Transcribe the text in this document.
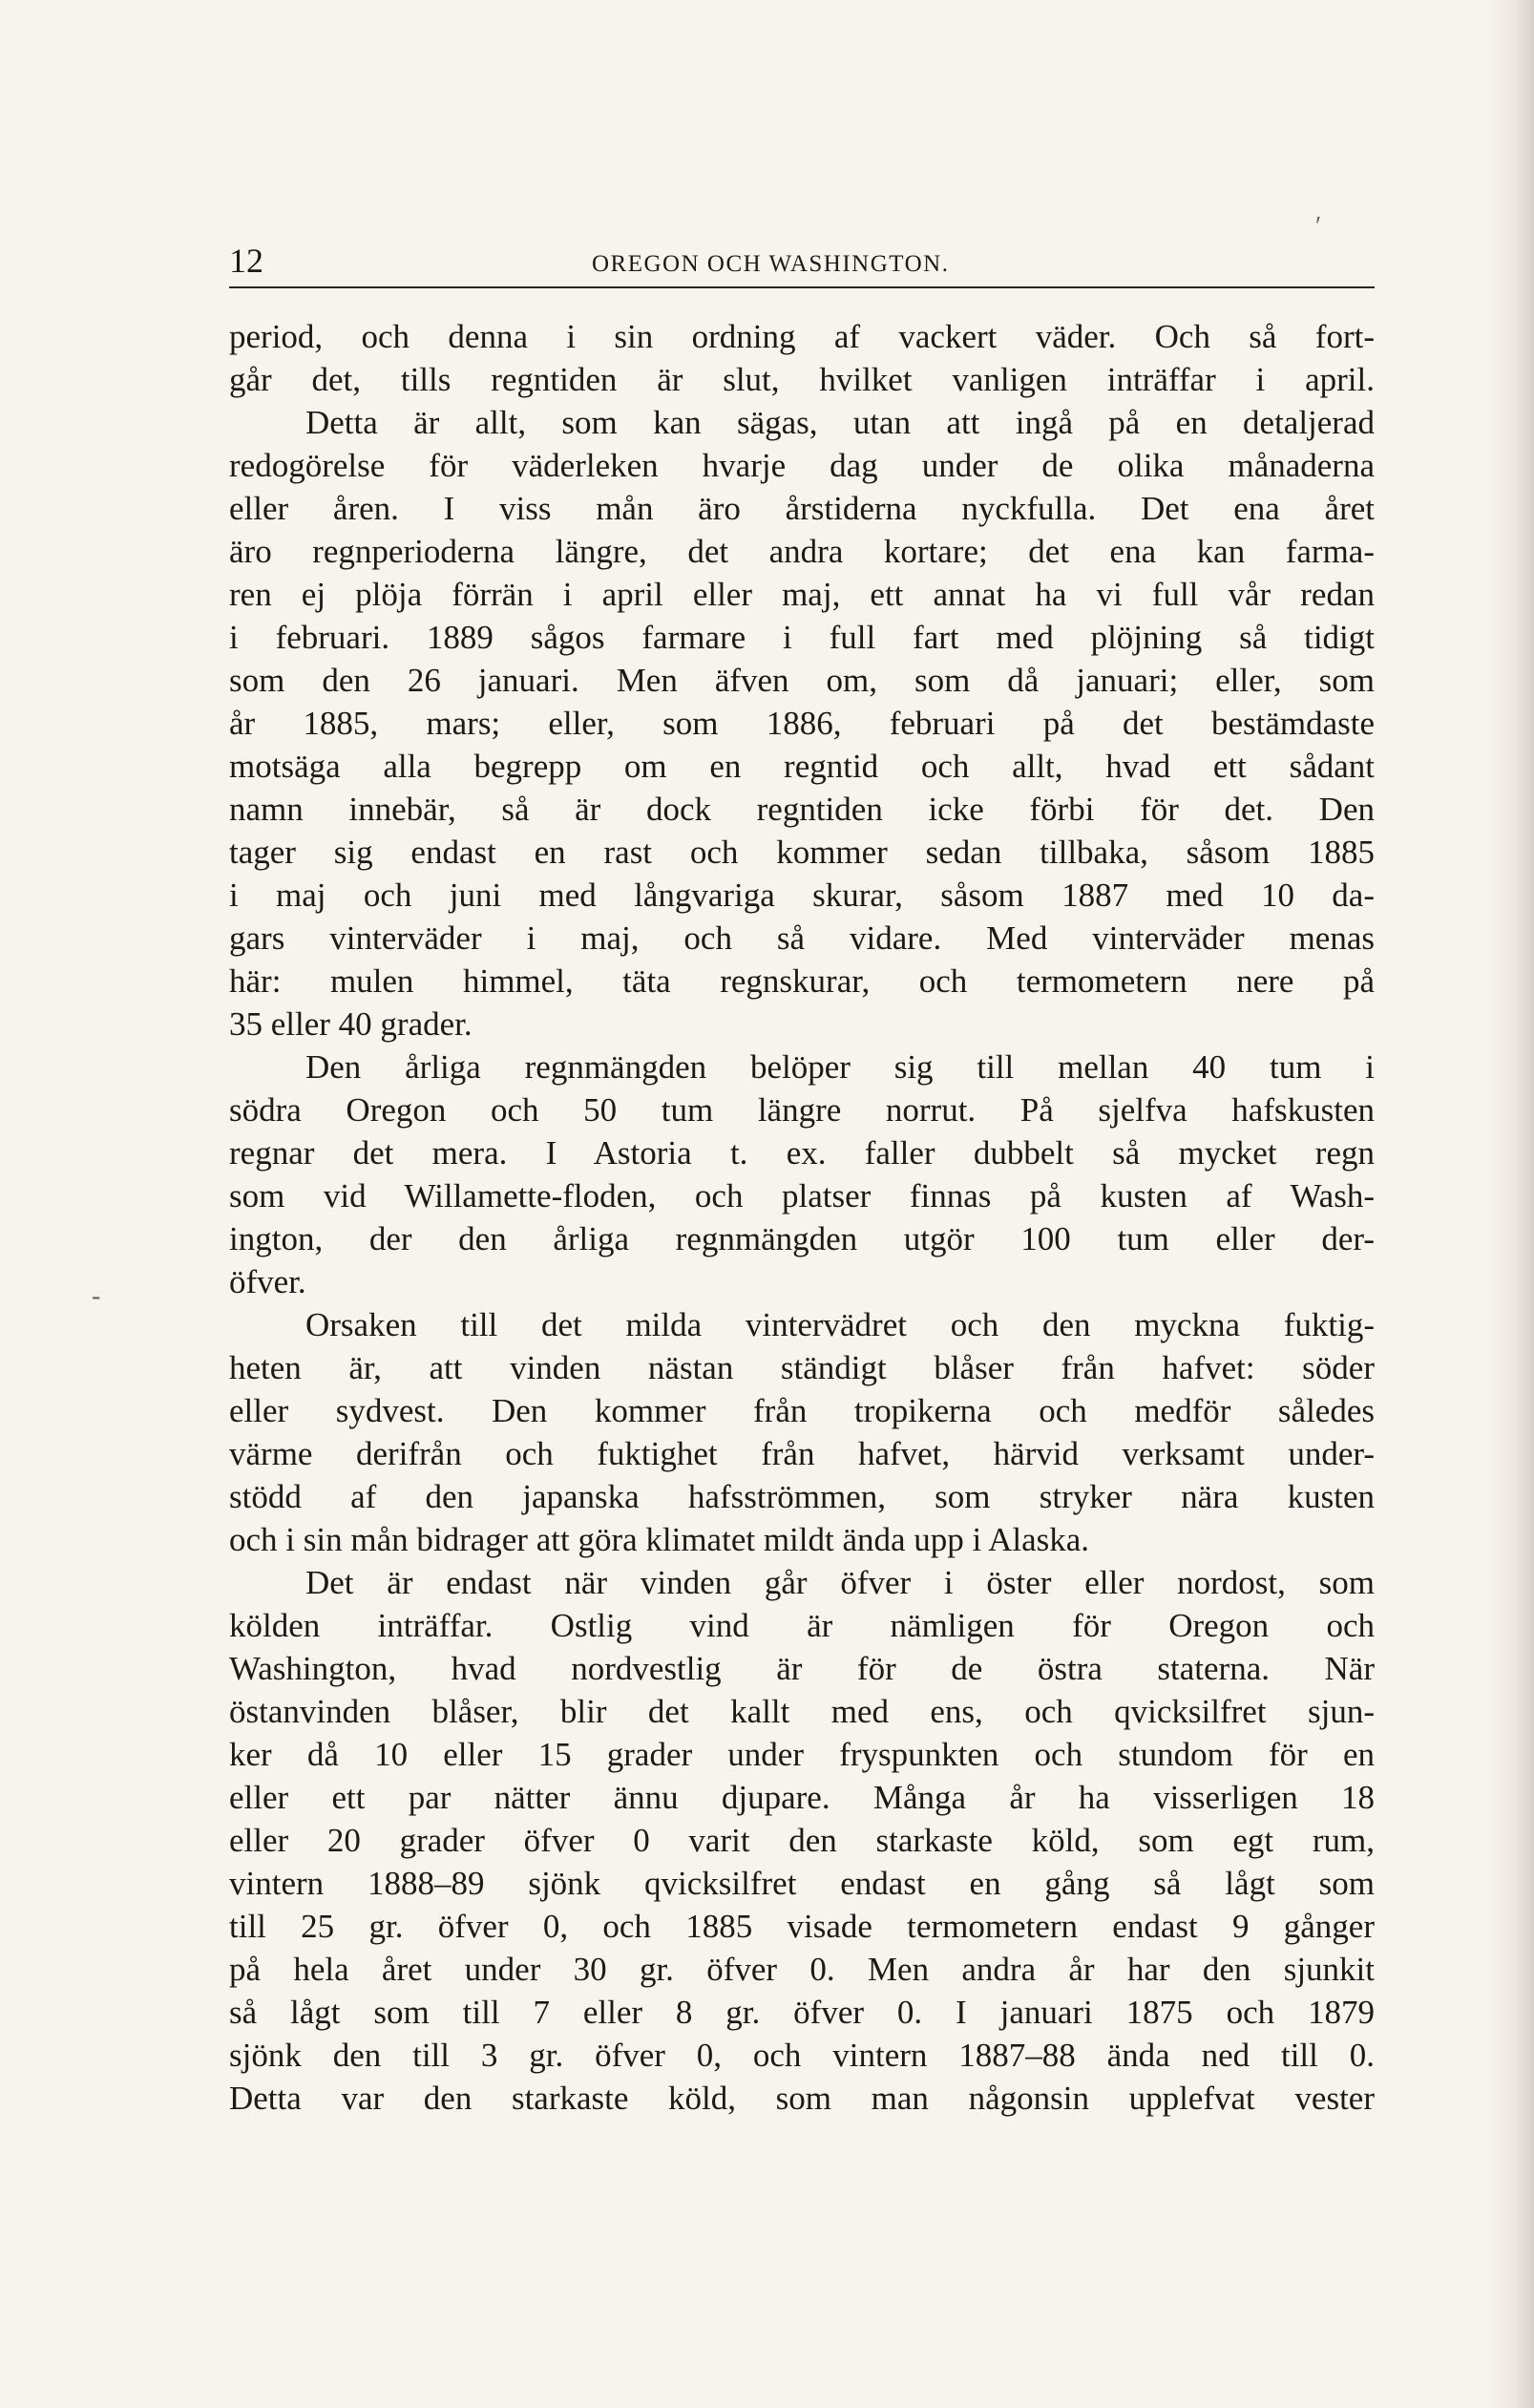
12	OREGON OCH WASHINGTON.
period, och denna i sin ordning af vackert väder. Och så fort-
går det, tills regntiden är slut, hvilket vanligen inträffar i april.
Detta är allt, som kan sägas, utan att ingå på en detaljerad
redogörelse för väderleken hvarje dag under de olika månaderna
eller åren. I viss mån äro årstiderna nyckfulla. Det ena året
äro regnperioderna längre, det andra kortare; det ena kan farma-
ren ej plöja förrän i april eller maj, ett annat ha vi full vår redan
i februari. 1889 sågos farmare i full fart med plöjning så tidigt
som den 26 januari. Men äfven om, som då januari; eller, som
år 1885, mars; eller, som 1886, februari på det bestämdaste
motsäga alla begrepp om en regntid och allt, hvad ett sådant
namn innebär, så är dock regntiden icke förbi för det. Den
tager sig endast en rast och kommer sedan tillbaka, såsom 1885
i maj och juni med långvariga skurar, såsom 1887 med 10 da-
gars vinterväder i maj, och så vidare. Med vinterväder menas
här: mulen himmel, täta regnskurar, och termometern nere på
35 eller 40 grader.
Den årliga regnmängden belöper sig till mellan 40 tum i
södra Oregon och 50 tum längre norrut. På sjelfva hafskusten
regnar det mera. I Astoria t. ex. faller dubbelt så mycket regn
som vid Willamette-floden, och platser finnas på kusten af Wash-
ington, der den årliga regnmängden utgör 100 tum eller der-
öfver.
Orsaken till det milda vintervädret och den myckna fuktig-
heten är, att vinden nästan ständigt blåser från hafvet: söder
eller sydvest. Den kommer från tropikerna och medför således
värme derifrån och fuktighet från hafvet, härvid verksamt under-
stödd af den japanska hafsströmmen, som stryker nära kusten
och i sin mån bidrager att göra klimatet mildt ända upp i Alaska.
Det är endast när vinden går öfver i öster eller nordost, som
kölden inträffar. Ostlig vind är nämligen för Oregon och
Washington, hvad nordvestlig är för de östra staterna. När
östanvinden blåser, blir det kallt med ens, och qvicksilfret sjun-
ker då 10 eller 15 grader under fryspunkten och stundom för en
eller ett par nätter ännu djupare. Många år ha visserligen 18
eller 20 grader öfver 0 varit den starkaste köld, som egt rum,
vintern 1888–89 sjönk qvicksilfret endast en gång så lågt som
till 25 gr. öfver 0, och 1885 visade termometern endast 9 gånger
på hela året under 30 gr. öfver 0. Men andra år har den sjunkit
så lågt som till 7 eller 8 gr. öfver 0. I januari 1875 och 1879
sjönk den till 3 gr. öfver 0, och vintern 1887–88 ända ned till 0.
Detta var den starkaste köld, som man någonsin upplefvat vester
′
-
